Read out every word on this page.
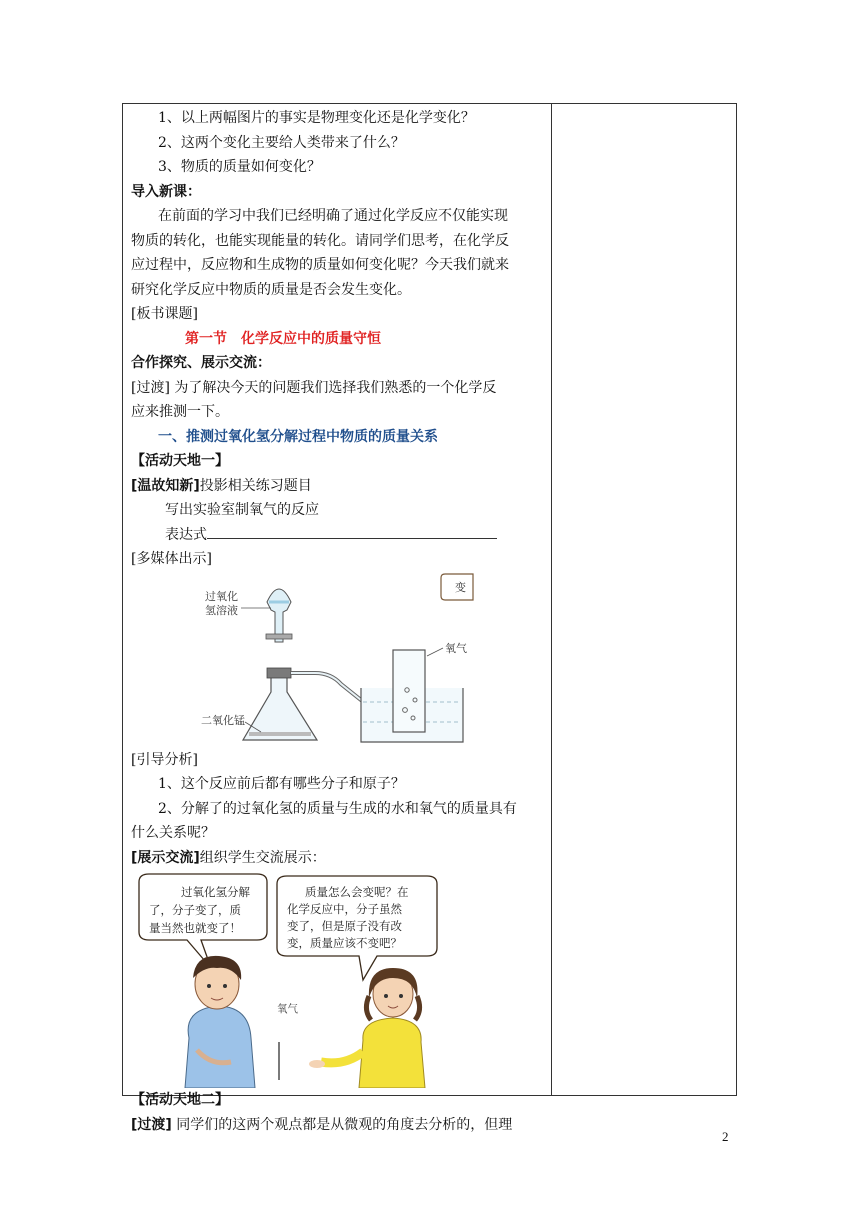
1、以上两幅图片的事实是物理变化还是化学变化？
2、这两个变化主要给人类带来了什么？
3、物质的质量如何变化？
导入新课：
在前面的学习中我们已经明确了通过化学反应不仅能实现
物质的转化，也能实现能量的转化。请同学们思考，在化学反
应过程中，反应物和生成物的质量如何变化呢？今天我们就来
研究化学反应中物质的质量是否会发生变化。
[板书课题]
第一节　化学反应中的质量守恒
合作探究、展示交流：
[过渡] 为了解决今天的问题我们选择我们熟悉的一个化学反
应来推测一下。
一、推测过氧化氢分解过程中物质的质量关系
【活动天地一】
[温故知新]投影相关练习题目
写出实验室制氧气的反应
表达式
[多媒体出示]
变
过氧化
氢溶液
二氧化锰
氧气
[引导分析]
1、这个反应前后都有哪些分子和原子？
2、分解了的过氧化氢的质量与生成的水和氧气的质量具有
什么关系呢？
[展示交流]组织学生交流展示：
过氧化氢分解
了，分子变了，质
量当然也就变了！
质量怎么会变呢？在
化学反应中，分子虽然
变了，但是原子没有改
变，质量应该不变吧？
氧气
【活动天地二】
[过渡] 同学们的这两个观点都是从微观的角度去分析的，但理
2
